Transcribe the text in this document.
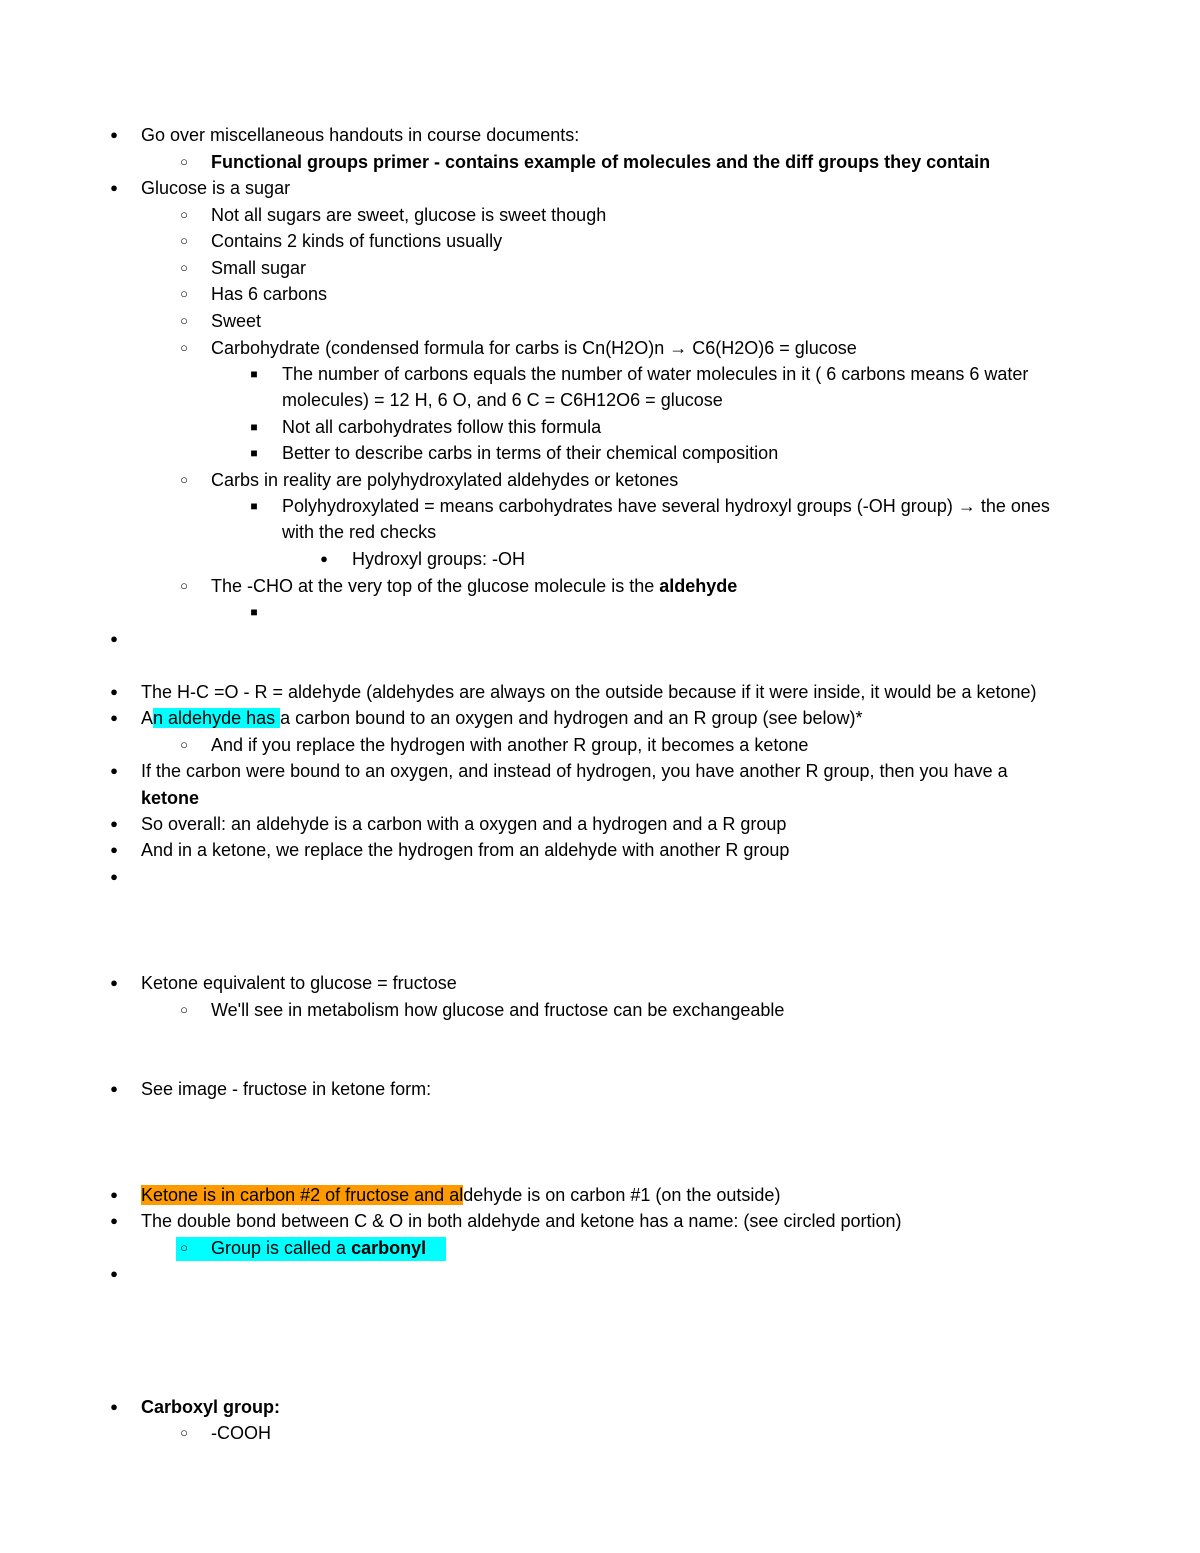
● Go over miscellaneous handouts in course documents:
○ Functional groups primer - contains example of molecules and the diff groups they contain
● Glucose is a sugar
○ Not all sugars are sweet, glucose is sweet though
○ Contains 2 kinds of functions usually
○ Small sugar
○ Has 6 carbons
○ Sweet
○ Carbohydrate (condensed formula for carbs is Cn(H2O)n → C6(H2O)6 = glucose
■ The number of carbons equals the number of water molecules in it ( 6 carbons means 6 water
molecules) = 12 H, 6 O, and 6 C = C6H12O6 = glucose
■ Not all carbohydrates follow this formula
■ Better to describe carbs in terms of their chemical composition
○ Carbs in reality are polyhydroxylated aldehydes or ketones
■ Polyhydroxylated = means carbohydrates have several hydroxyl groups (-OH group) → the ones
with the red checks
● Hydroxyl groups: -OH
○ The -CHO at the very top of the glucose molecule is the aldehyde
■
●
● The H-C =O - R = aldehyde (aldehydes are always on the outside because if it were inside, it would be a ketone)
● An aldehyde has a carbon bound to an oxygen and hydrogen and an R group (see below)*
○ And if you replace the hydrogen with another R group, it becomes a ketone
● If the carbon were bound to an oxygen, and instead of hydrogen, you have another R group, then you have a
ketone
● So overall: an aldehyde is a carbon with a oxygen and a hydrogen and a R group
● And in a ketone, we replace the hydrogen from an aldehyde with another R group
●
● Ketone equivalent to glucose = fructose
○ We'll see in metabolism how glucose and fructose can be exchangeable
● See image - fructose in ketone form:
● Ketone is in carbon #2 of fructose and aldehyde is on carbon #1 (on the outside)
● The double bond between C & O in both aldehyde and ketone has a name: (see circled portion)
○ Group is called a carbonyl
●
● Carboxyl group:
○ -COOH
